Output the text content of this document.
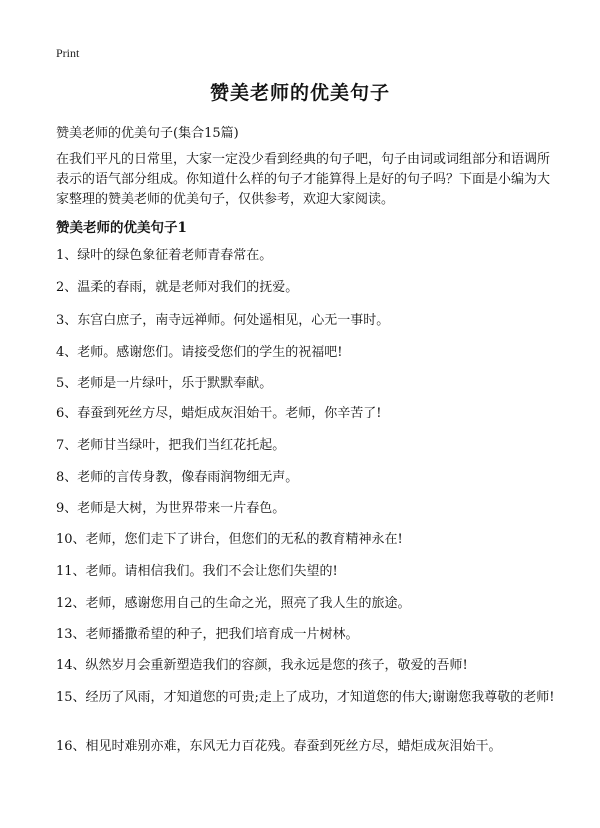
Print
赞美老师的优美句子
赞美老师的优美句子(集合15篇)
在我们平凡的日常里，大家一定没少看到经典的句子吧，句子由词或词组部分和语调所表示的语气部分组成。你知道什么样的句子才能算得上是好的句子吗？下面是小编为大家整理的赞美老师的优美句子，仅供参考，欢迎大家阅读。
赞美老师的优美句子1
1、绿叶的绿色象征着老师青春常在。
2、温柔的春雨，就是老师对我们的抚爱。
3、东宫白庶子，南寺远禅师。何处遥相见，心无一事时。
4、老师。感谢您们。请接受您们的学生的祝福吧!
5、老师是一片绿叶，乐于默默奉献。
6、春蚕到死丝方尽，蜡炬成灰泪始干。老师，你辛苦了!
7、老师甘当绿叶，把我们当红花托起。
8、老师的言传身教，像春雨润物细无声。
9、老师是大树，为世界带来一片春色。
10、老师，您们走下了讲台，但您们的无私的教育精神永在!
11、老师。请相信我们。我们不会让您们失望的!
12、老师，感谢您用自己的生命之光，照亮了我人生的旅途。
13、老师播撒希望的种子，把我们培育成一片树林。
14、纵然岁月会重新塑造我们的容颜，我永远是您的孩子，敬爱的吾师!
15、经历了风雨，才知道您的可贵;走上了成功，才知道您的伟大;谢谢您我尊敬的老师!
16、相见时难别亦难，东风无力百花残。春蚕到死丝方尽，蜡炬成灰泪始干。
